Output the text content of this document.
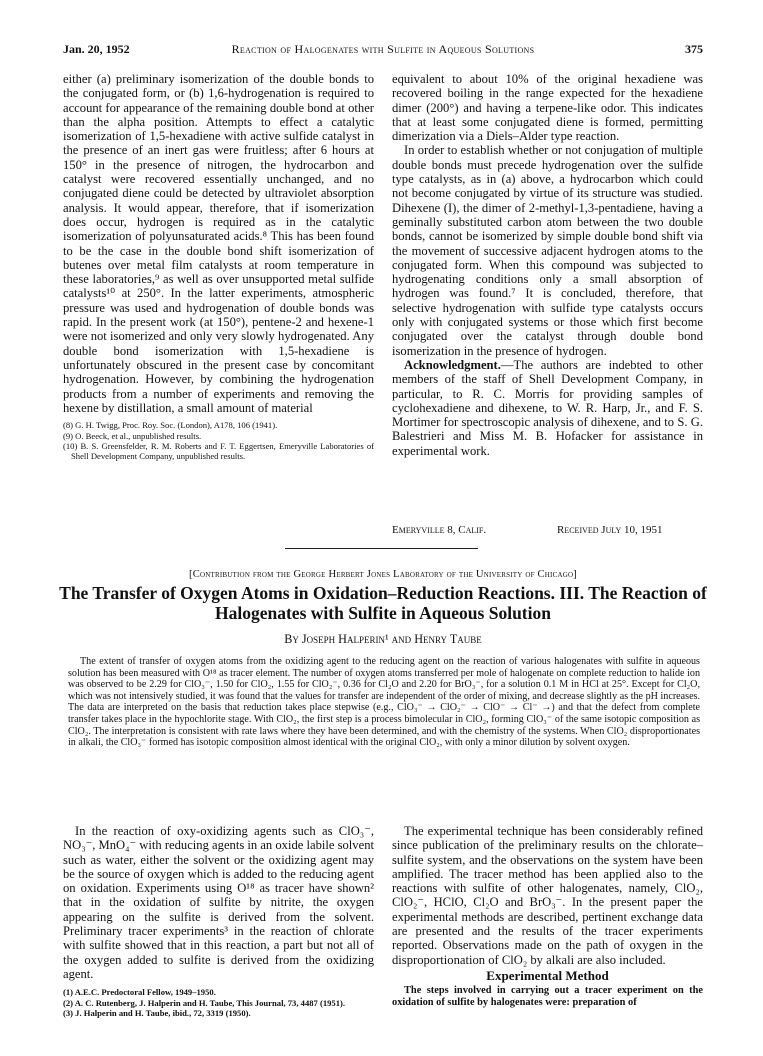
Jan. 20, 1952	Reaction of Halogenates with Sulfite in Aqueous Solutions	375

either (a) preliminary isomerization of the double bonds to the conjugated form, or (b) 1,6-hydrogenation is required to account for appearance of the remaining double bond at other than the alpha position. Attempts to effect a catalytic isomerization of 1,5-hexadiene with active sulfide catalyst in the presence of an inert gas were fruitless; after 6 hours at 150° in the presence of nitrogen, the hydrocarbon and catalyst were recovered essentially unchanged, and no conjugated diene could be detected by ultraviolet absorption analysis. It would appear, therefore, that if isomerization does occur, hydrogen is required as in the catalytic isomerization of polyunsaturated acids.⁸ This has been found to be the case in the double bond shift isomerization of butenes over metal film catalysts at room temperature in these laboratories,⁹ as well as over unsupported metal sulfide catalysts¹⁰ at 250°. In the latter experiments, atmospheric pressure was used and hydrogenation of double bonds was rapid. In the present work (at 150°), pentene-2 and hexene-1 were not isomerized and only very slowly hydrogenated. Any double bond isomerization with 1,5-hexadiene is unfortunately obscured in the present case by concomitant hydrogenation. However, by combining the hydrogenation products from a number of experiments and removing the hexene by distillation, a small amount of material

(8) G. H. Twigg, Proc. Roy. Soc. (London), A178, 106 (1941).

(9) O. Beeck, et al., unpublished results.

(10) B. S. Greensfelder, R. M. Roberts and F. T. Eggertsen, Emeryville Laboratories of Shell Development Company, unpublished results.

equivalent to about 10% of the original hexadiene was recovered boiling in the range expected for the hexadiene dimer (200°) and having a terpene-like odor. This indicates that at least some conjugated diene is formed, permitting dimerization via a Diels–Alder type reaction.

In order to establish whether or not conjugation of multiple double bonds must precede hydrogenation over the sulfide type catalysts, as in (a) above, a hydrocarbon which could not become conjugated by virtue of its structure was studied. Dihexene (I), the dimer of 2-methyl-1,3-pentadiene, having a geminally substituted carbon atom between the two double bonds, cannot be isomerized by simple double bond shift via the movement of successive adjacent hydrogen atoms to the conjugated form. When this compound was subjected to hydrogenating conditions only a small absorption of hydrogen was found.⁷ It is concluded, therefore, that selective hydrogenation with sulfide type catalysts occurs only with conjugated systems or those which first become conjugated over the catalyst through double bond isomerization in the presence of hydrogen.

Acknowledgment.—The authors are indebted to other members of the staff of Shell Development Company, in particular, to R. C. Morris for providing samples of cyclohexadiene and dihexene, to W. R. Harp, Jr., and F. S. Mortimer for spectroscopic analysis of dihexene, and to S. G. Balestrieri and Miss M. B. Hofacker for assistance in experimental work.

Emeryville 8, Calif.	Received July 10, 1951
[Contribution from the George Herbert Jones Laboratory of the University of Chicago]
The Transfer of Oxygen Atoms in Oxidation–Reduction Reactions. III. The Reaction of Halogenates with Sulfite in Aqueous Solution
By Joseph Halperin¹ and Henry Taube

The extent of transfer of oxygen atoms from the oxidizing agent to the reducing agent on the reaction of various halogenates with sulfite in aqueous solution has been measured with O¹⁸ as tracer element. The number of oxygen atoms transferred per mole of halogenate on complete reduction to halide ion was observed to be 2.29 for ClO₃⁻, 1.50 for ClO₂, 1.55 for ClO₂⁻, 0.36 for Cl₂O and 2.20 for BrO₃⁻, for a solution 0.1 M in HCl at 25°. Except for Cl₂O, which was not intensively studied, it was found that the values for transfer are independent of the order of mixing, and decrease slightly as the pH increases. The data are interpreted on the basis that reduction takes place stepwise (e.g., ClO₃⁻ → ClO₂⁻ → ClO⁻ → Cl⁻ →) and that the defect from complete transfer takes place in the hypochlorite stage. With ClO₂, the first step is a process bimolecular in ClO₂, forming ClO₃⁻ of the same isotopic composition as ClO₂. The interpretation is consistent with rate laws where they have been determined, and with the chemistry of the systems. When ClO₂ disproportionates in alkali, the ClO₃⁻ formed has isotopic composition almost identical with the original ClO₂, with only a minor dilution by solvent oxygen.

In the reaction of oxy-oxidizing agents such as ClO₃⁻, NO₃⁻, MnO₄⁻ with reducing agents in an oxide labile solvent such as water, either the solvent or the oxidizing agent may be the source of oxygen which is added to the reducing agent on oxidation. Experiments using O¹⁸ as tracer have shown² that in the oxidation of sulfite by nitrite, the oxygen appearing on the sulfite is derived from the solvent. Preliminary tracer experiments³ in the reaction of chlorate with sulfite showed that in this reaction, a part but not all of the oxygen added to sulfite is derived from the oxidizing agent.

(1) A.E.C. Predoctoral Fellow, 1949–1950.

(2) A. C. Rutenberg, J. Halperin and H. Taube, This Journal, 73, 4487 (1951).

(3) J. Halperin and H. Taube, ibid., 72, 3319 (1950).

The experimental technique has been considerably refined since publication of the preliminary results on the chlorate–sulfite system, and the observations on the system have been amplified. The tracer method has been applied also to the reactions with sulfite of other halogenates, namely, ClO₂, ClO₂⁻, HClO, Cl₂O and BrO₃⁻. In the present paper the experimental methods are described, pertinent exchange data are presented and the results of the tracer experiments reported. Observations made on the path of oxygen in the disproportionation of ClO₂ by alkali are also included.

Experimental Method

The steps involved in carrying out a tracer experiment on the oxidation of sulfite by halogenates were: preparation of
